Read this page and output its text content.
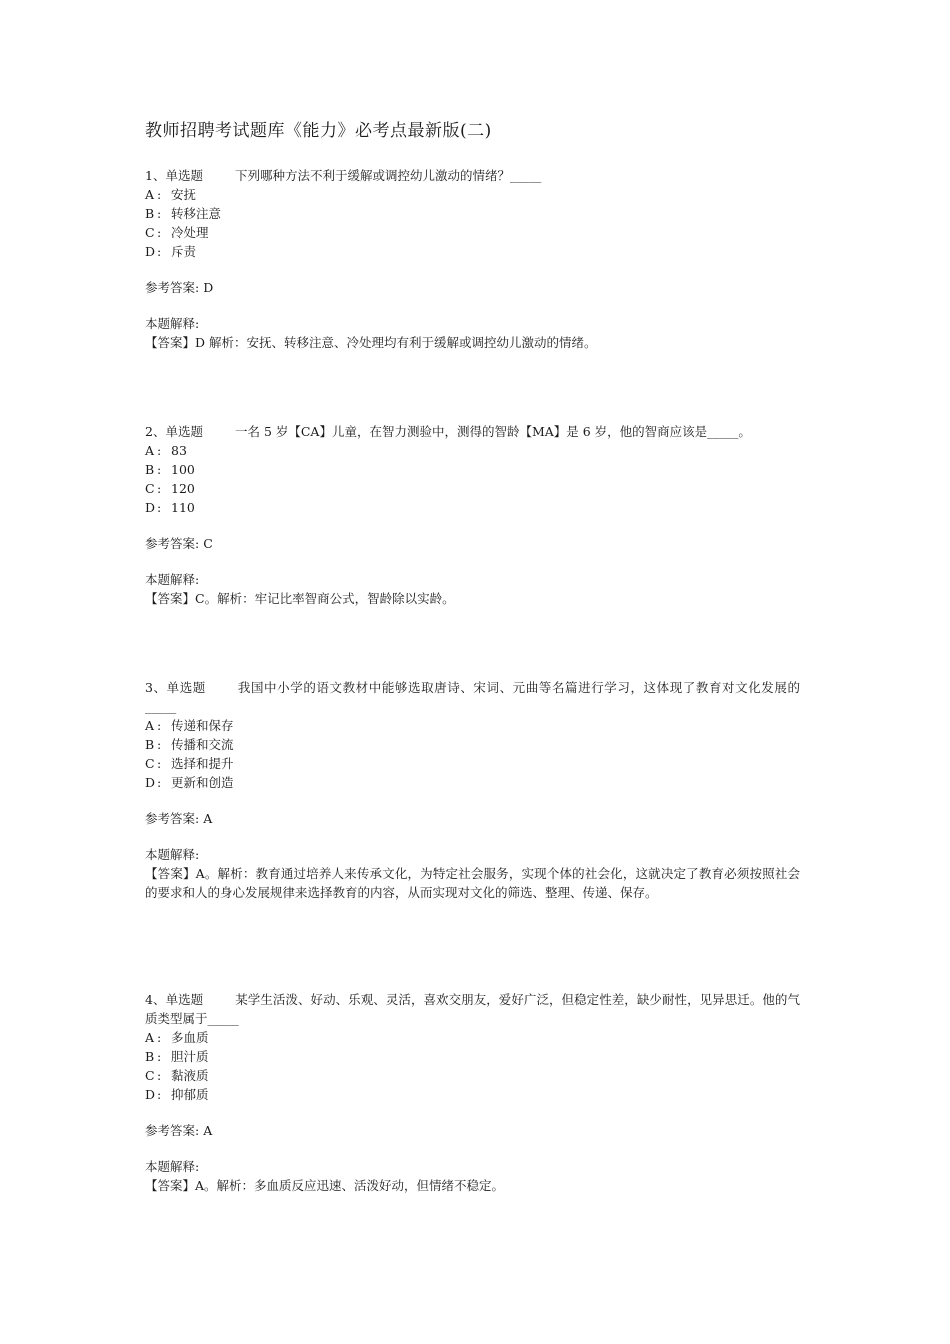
教师招聘考试题库《能力》必考点最新版(二)
1、单选题	下列哪种方法不利于缓解或调控幼儿激动的情绪？_____
A : 安抚
B : 转移注意
C : 冷处理
D : 斥责
参考答案: D
本题解释:
【答案】D 解析：安抚、转移注意、冷处理均有利于缓解或调控幼儿激动的情绪。
2、单选题	一名 5 岁【CA】儿童，在智力测验中，测得的智龄【MA】是 6 岁，他的智商应该是_____。
A : 83
B : 100
C : 120
D : 110
参考答案: C
本题解释:
【答案】C。解析：牢记比率智商公式，智龄除以实龄。
3、单选题	我国中小学的语文教材中能够选取唐诗、宋词、元曲等名篇进行学习，这体现了教育对文化发展的_____
A : 传递和保存
B : 传播和交流
C : 选择和提升
D : 更新和创造
参考答案: A
本题解释:
【答案】A。解析：教育通过培养人来传承文化，为特定社会服务，实现个体的社会化，这就决定了教育必须按照社会的要求和人的身心发展规律来选择教育的内容，从而实现对文化的筛选、整理、传递、保存。
4、单选题	某学生活泼、好动、乐观、灵活，喜欢交朋友，爱好广泛，但稳定性差，缺少耐性，见异思迁。他的气质类型属于_____
A : 多血质
B : 胆汁质
C : 黏液质
D : 抑郁质
参考答案: A
本题解释:
【答案】A。解析：多血质反应迅速、活泼好动，但情绪不稳定。
